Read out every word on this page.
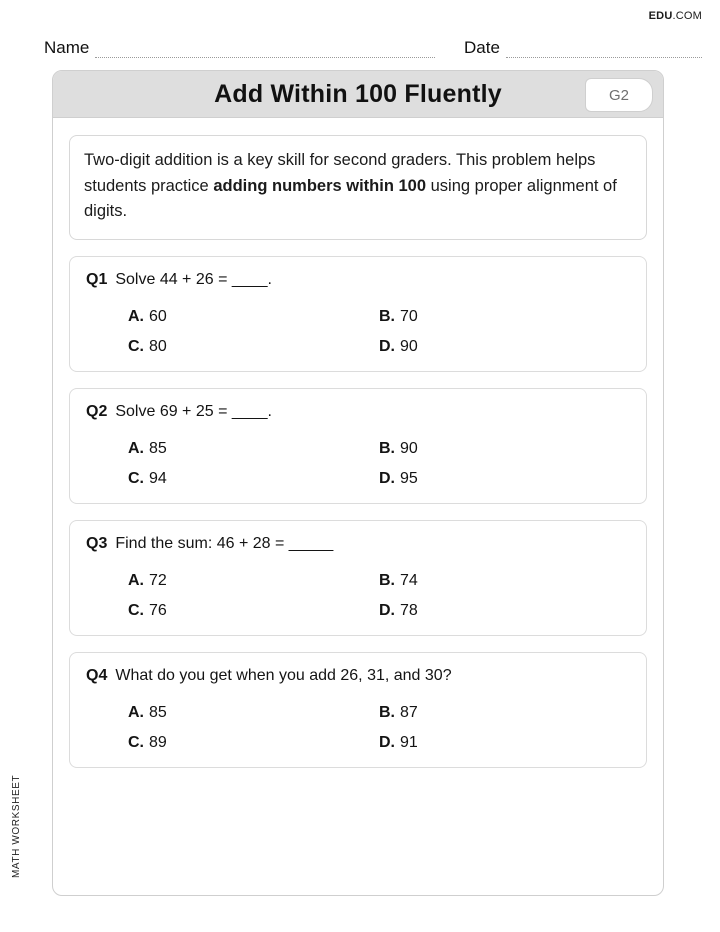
EDU.COM
Name	Date
Add Within 100 Fluently	G2
Two-digit addition is a key skill for second graders. This problem helps students practice adding numbers within 100 using proper alignment of digits.
Q1 Solve 44 + 26 = ____.
A. 60	B. 70
C. 80	D. 90
Q2 Solve 69 + 25 = ____.
A. 85	B. 90
C. 94	D. 95
Q3 Find the sum: 46 + 28 = _____
A. 72	B. 74
C. 76	D. 78
Q4 What do you get when you add 26, 31, and 30?
A. 85	B. 87
C. 89	D. 91
MATH WORKSHEET
